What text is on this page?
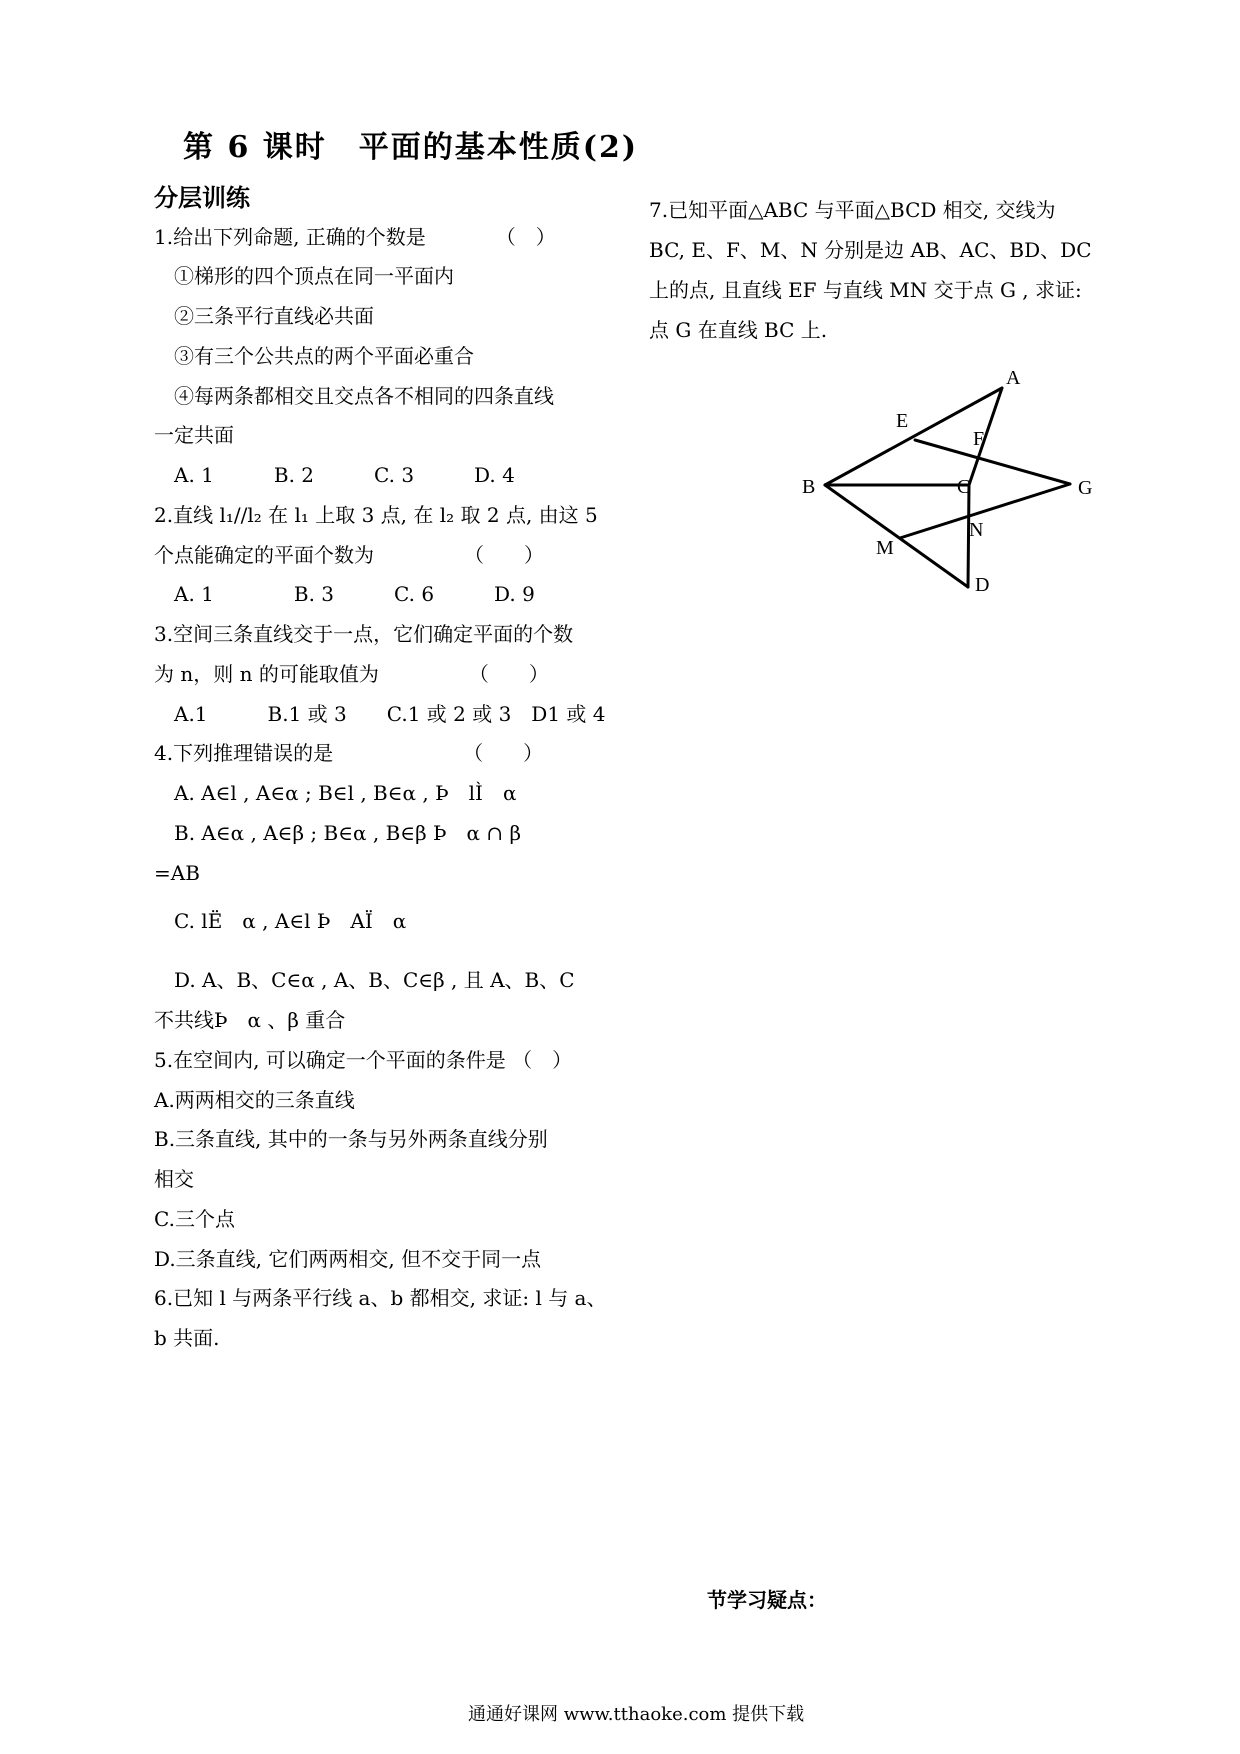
第 6 课时　平面的基本性质(2)
分层训练
1.给出下列命题, 正确的个数是　　　　（　）
　①梯形的四个顶点在同一平面内
　②三条平行直线必共面
　③有三个公共点的两个平面必重合
　④每两条都相交且交点各不相同的四条直线
一定共面
　A. 1　　　B. 2　　　C. 3　　　D. 4
2.直线 l₁//l₂ 在 l₁ 上取 3 点, 在 l₂ 取 2 点, 由这 5
个点能确定的平面个数为　　　　　（　　）
　A. 1　　　　B. 3　　　C. 6　　　D. 9
3.空间三条直线交于一点，它们确定平面的个数
为 n，则 n 的可能取值为　　　　　（　　）
　A.1　　　B.1 或 3　　C.1 或 2 或 3　D1 或 4
4.下列推理错误的是　　　　　　　（　　）
　A. A∈l , A∈α ; B∈l , B∈α , Þ　lÌ　α
　B. A∈α , A∈β ; B∈α , B∈β Þ　α ∩ β
=AB
　C. lË　α , A∈l Þ　AÏ　α
　D. A、B、C∈α , A、B、C∈β , 且 A、B、C
不共线Þ　α 、β 重合
5.在空间内, 可以确定一个平面的条件是 （　）
A.两两相交的三条直线
B.三条直线, 其中的一条与另外两条直线分别
相交
C.三个点
D.三条直线, 它们两两相交, 但不交于同一点
6.已知 l 与两条平行线 a、b 都相交, 求证: l 与 a、
b 共面.
7.已知平面△ABC 与平面△BCD 相交, 交线为
BC, E、F、M、N 分别是边 AB、AC、BD、DC
上的点, 且直线 EF 与直线 MN 交于点 G , 求证:
点 G 在直线 BC 上.
A
E
F
B	C	G
N
M
D
节学习疑点：
通通好课网 www.tthaoke.com 提供下载
